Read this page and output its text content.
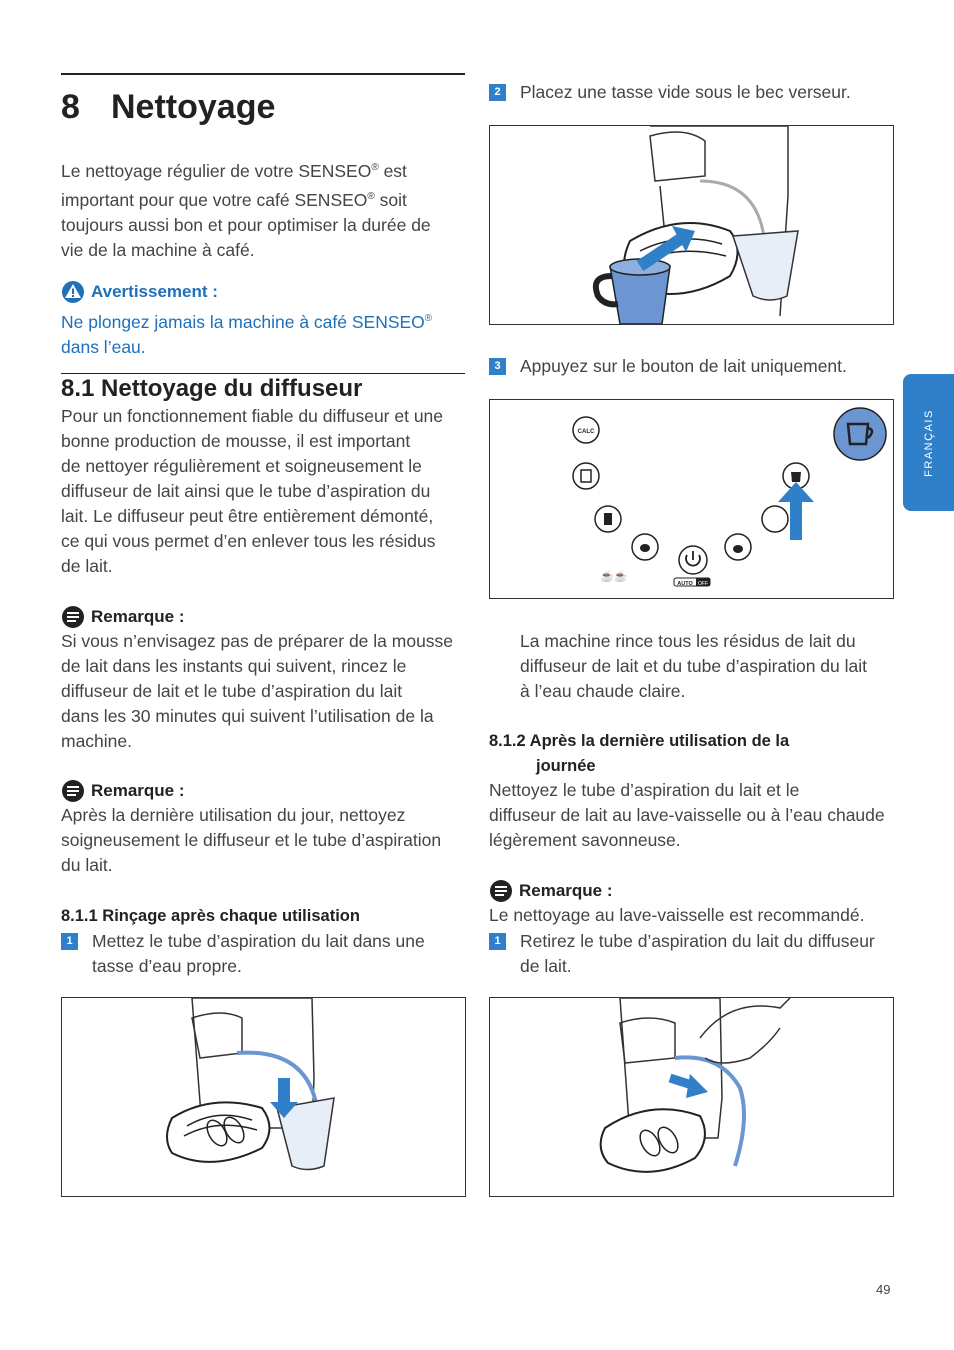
8 Nettoyage
Le nettoyage régulier de votre SENSEO® est
important pour que votre café SENSEO® soit
toujours aussi bon et pour optimiser la durée de
vie de la machine à café.
Avertissement :
Ne plongez jamais la machine à café SENSEO®
dans l’eau.
8.1 Nettoyage du diffuseur
Pour un fonctionnement fiable du diffuseur et une
bonne production de mousse, il est important
de nettoyer régulièrement et soigneusement le
diffuseur de lait ainsi que le tube d’aspiration du
lait. Le diffuseur peut être entièrement démonté,
ce qui vous permet d’en enlever tous les résidus
de lait.
Remarque :
Si vous n’envisagez pas de préparer de la mousse
de lait dans les instants qui suivent, rincez le
diffuseur de lait et le tube d’aspiration du lait
dans les 30 minutes qui suivent l’utilisation de la
machine.
Remarque :
Après la dernière utilisation du jour, nettoyez
soigneusement le diffuseur et le tube d’aspiration
du lait.
8.1.1 Rinçage après chaque utilisation
1	Mettez le tube d’aspiration du lait dans une
tasse d’eau propre.
2	Placez une tasse vide sous le bec verseur.
3	Appuyez sur le bouton de lait uniquement.
CALC
☕☕
AUTO OFF
La machine rince tous les résidus de lait du
diffuseur de lait et du tube d’aspiration du lait
à l’eau chaude claire.
8.1.2 Après la dernière utilisation de la
journée
Nettoyez le tube d’aspiration du lait et le
diffuseur de lait au lave-vaisselle ou à l’eau chaude
légèrement savonneuse.
Remarque :
Le nettoyage au lave-vaisselle est recommandé.
1	Retirez le tube d’aspiration du lait du diffuseur
de lait.
FRANÇAIS
49
